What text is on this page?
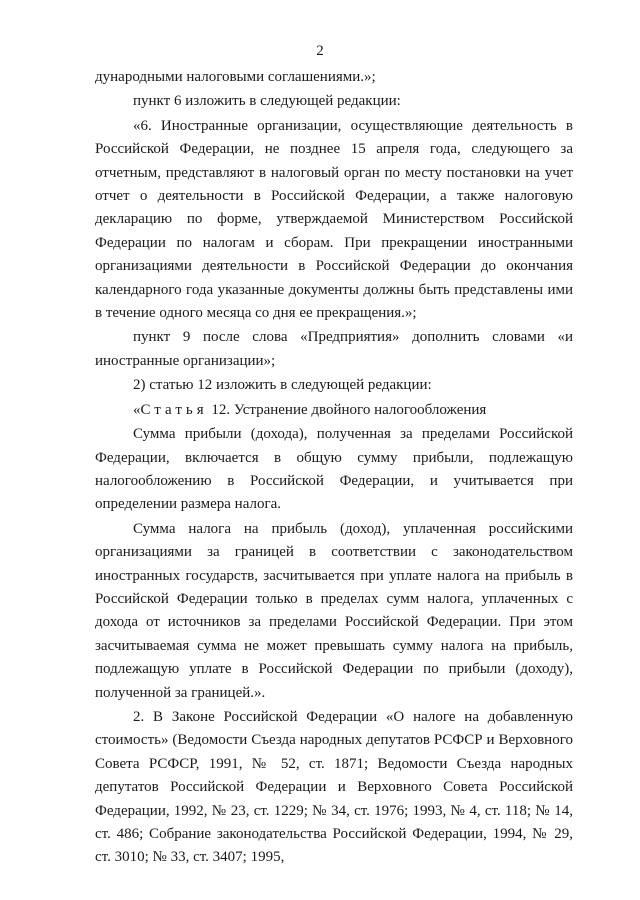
2

дународными налоговыми соглашениями.»;

пункт 6 изложить в следующей редакции:

«6. Иностранные организации, осуществляющие деятельность в Российской Федерации, не позднее 15 апреля года, следующего за отчетным, представляют в налоговый орган по месту постановки на учет отчет о деятельности в Российской Федерации, а также налоговую декларацию по форме, утверждаемой Министерством Российской Федерации по налогам и сборам. При прекращении иностранными организациями деятельности в Российской Федерации до окончания календарного года указанные документы должны быть представлены ими в течение одного месяца со дня ее прекращения.»;

пункт 9 после слова «Предприятия» дополнить словами «и иностранные организации»;

2) статью 12 изложить в следующей редакции:

«Статья 12. Устранение двойного налогообложения

Сумма прибыли (дохода), полученная за пределами Российской Федерации, включается в общую сумму прибыли, подлежащую налогообложению в Российской Федерации, и учитывается при определении размера налога.

Сумма налога на прибыль (доход), уплаченная российскими организациями за границей в соответствии с законодательством иностранных государств, засчитывается при уплате налога на прибыль в Российской Федерации только в пределах сумм налога, уплаченных с дохода от источников за пределами Российской Федерации. При этом засчитываемая сумма не может превышать сумму налога на прибыль, подлежащую уплате в Российской Федерации по прибыли (доходу), полученной за границей.».

2. В Законе Российской Федерации «О налоге на добавленную стоимость» (Ведомости Съезда народных депутатов РСФСР и Верховного Совета РСФСР, 1991, № 52, ст. 1871; Ведомости Съезда народных депутатов Российской Федерации и Верховного Совета Российской Федерации, 1992, № 23, ст. 1229; № 34, ст. 1976; 1993, № 4, ст. 118; № 14, ст. 486; Собрание законодательства Российской Федерации, 1994, № 29, ст. 3010; № 33, ст. 3407; 1995,
